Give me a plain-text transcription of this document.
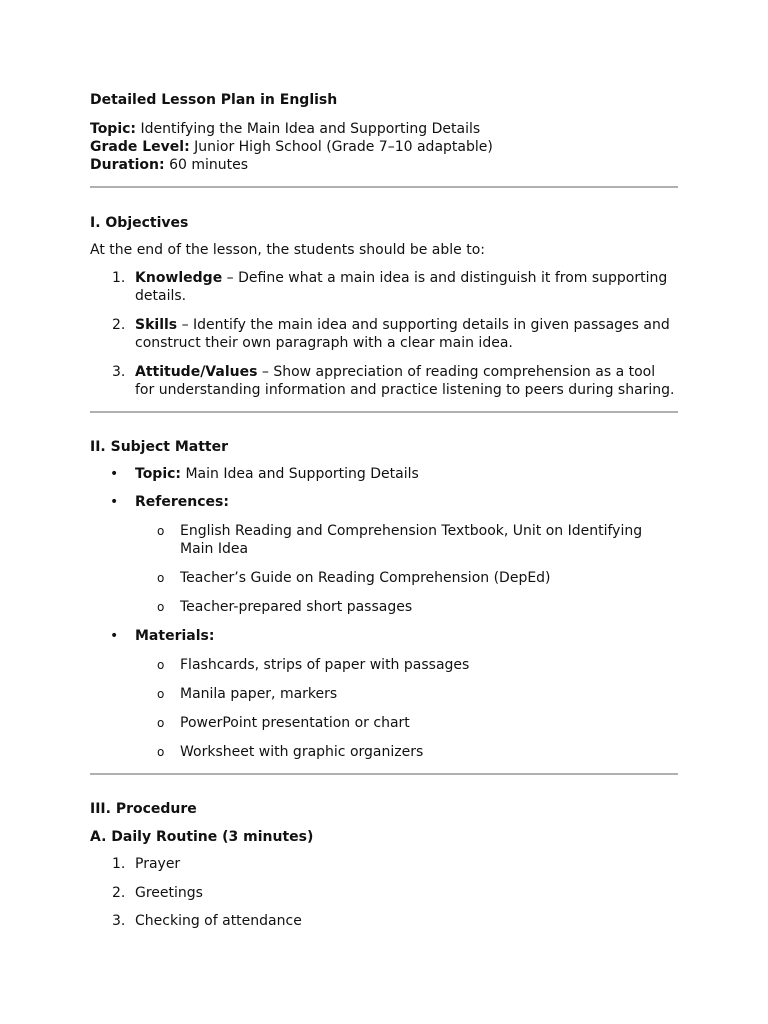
Detailed Lesson Plan in English
Topic: Identifying the Main Idea and Supporting Details
Grade Level: Junior High School (Grade 7–10 adaptable)
Duration: 60 minutes
I. Objectives
At the end of the lesson, the students should be able to:
1. Knowledge – Define what a main idea is and distinguish it from supporting details.
2. Skills – Identify the main idea and supporting details in given passages and construct their own paragraph with a clear main idea.
3. Attitude/Values – Show appreciation of reading comprehension as a tool for understanding information and practice listening to peers during sharing.
II. Subject Matter
• Topic: Main Idea and Supporting Details
• References:
o English Reading and Comprehension Textbook, Unit on Identifying Main Idea
o Teacher’s Guide on Reading Comprehension (DepEd)
o Teacher-prepared short passages
• Materials:
o Flashcards, strips of paper with passages
o Manila paper, markers
o PowerPoint presentation or chart
o Worksheet with graphic organizers
III. Procedure
A. Daily Routine (3 minutes)
1. Prayer
2. Greetings
3. Checking of attendance
